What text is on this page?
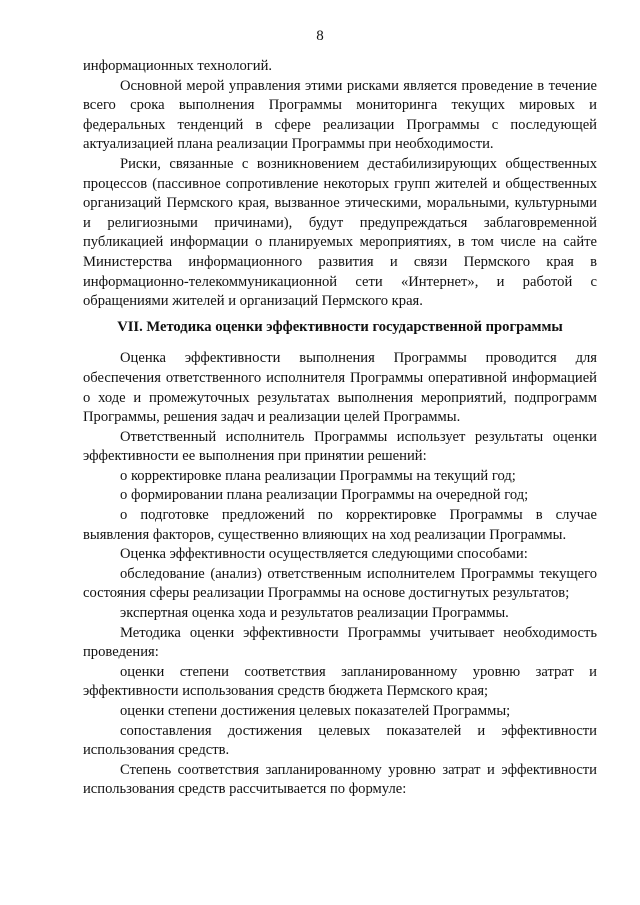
8

информационных технологий.

Основной мерой управления этими рисками является проведение в течение всего срока выполнения Программы мониторинга текущих мировых и федеральных тенденций в сфере реализации Программы с последующей актуализацией плана реализации Программы при необходимости.

Риски, связанные с возникновением дестабилизирующих общественных процессов (пассивное сопротивление некоторых групп жителей и общественных организаций Пермского края, вызванное этическими, моральными, культурными и религиозными причинами), будут предупреждаться заблаговременной публикацией информации о планируемых мероприятиях, в том числе на сайте Министерства информационного развития и связи Пермского края в информационно-телекоммуникационной сети «Интернет», и работой с обращениями жителей и организаций Пермского края.

VII. Методика оценки эффективности государственной программы

Оценка эффективности выполнения Программы проводится для обеспечения ответственного исполнителя Программы оперативной информацией о ходе и промежуточных результатах выполнения мероприятий, подпрограмм Программы, решения задач и реализации целей Программы.

Ответственный исполнитель Программы использует результаты оценки эффективности ее выполнения при принятии решений:

о корректировке плана реализации Программы на текущий год;

о формировании плана реализации Программы на очередной год;

о подготовке предложений по корректировке Программы в случае выявления факторов, существенно влияющих на ход реализации Программы.

Оценка эффективности осуществляется следующими способами:

обследование (анализ) ответственным исполнителем Программы текущего состояния сферы реализации Программы на основе достигнутых результатов;

экспертная оценка хода и результатов реализации Программы.

Методика оценки эффективности Программы учитывает необходимость проведения:

оценки степени соответствия запланированному уровню затрат и эффективности использования средств бюджета Пермского края;

оценки степени достижения целевых показателей Программы;

сопоставления достижения целевых показателей и эффективности использования средств.

Степень соответствия запланированному уровню затрат и эффективности использования средств рассчитывается по формуле:
